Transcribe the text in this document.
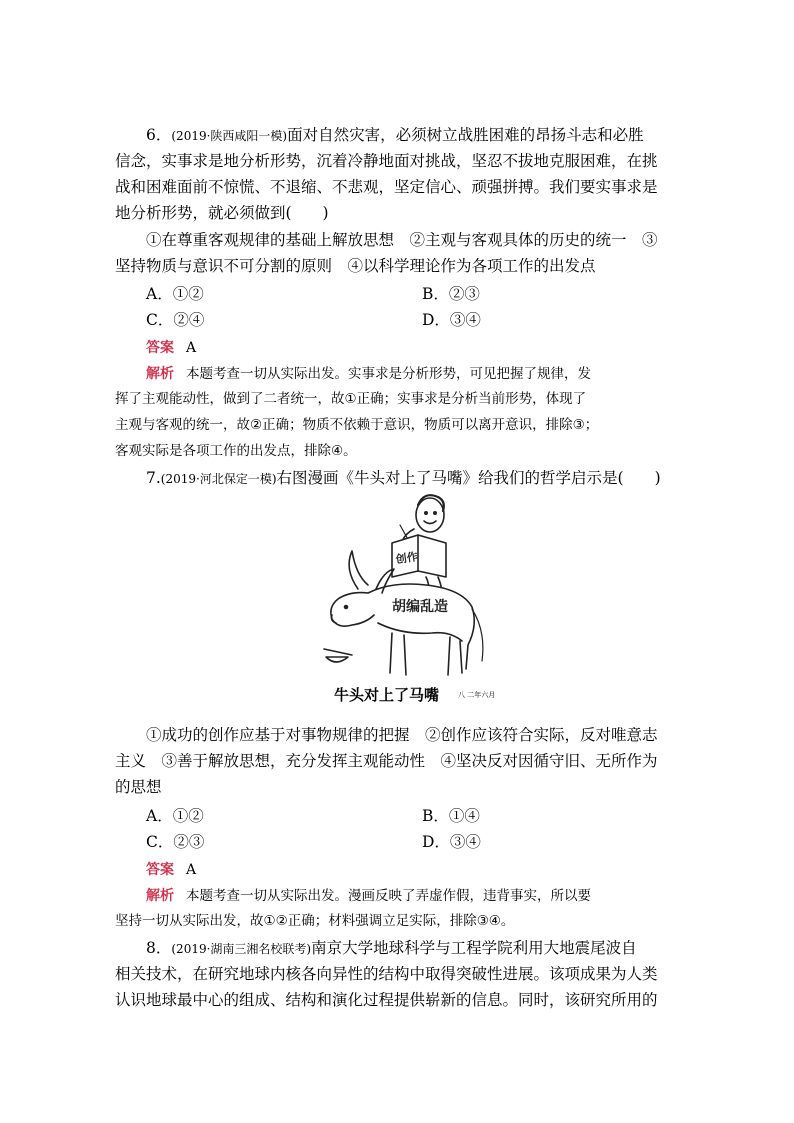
6．(2019·陕西咸阳一模)面对自然灾害，必须树立战胜困难的昂扬斗志和必胜
信念，实事求是地分析形势，沉着冷静地面对挑战，坚忍不拔地克服困难，在挑
战和困难面前不惊慌、不退缩、不悲观，坚定信心、顽强拼搏。我们要实事求是
地分析形势，就必须做到(　　)
①在尊重客观规律的基础上解放思想　②主观与客观具体的历史的统一　③
坚持物质与意识不可分割的原则　④以科学理论作为各项工作的出发点
A．①②	B．②③
C．②④	D．③④
答案 A
解析 本题考查一切从实际出发。实事求是分析形势，可见把握了规律，发
挥了主观能动性，做到了二者统一，故①正确；实事求是分析当前形势，体现了
主观与客观的统一，故②正确；物质不依赖于意识，物质可以离开意识，排除③；
客观实际是各项工作的出发点，排除④。
7.(2019·河北保定一模)右图漫画《牛头对上了马嘴》给我们的哲学启示是(　　)
创作
胡编乱造
牛头对上了马嘴	八 二年六月
①成功的创作应基于对事物规律的把握　②创作应该符合实际，反对唯意志
主义　③善于解放思想，充分发挥主观能动性　④坚决反对因循守旧、无所作为
的思想
A．①②	B．①④
C．②③	D．③④
答案 A
解析 本题考查一切从实际出发。漫画反映了弄虚作假，违背事实，所以要
坚持一切从实际出发，故①②正确；材料强调立足实际，排除③④。
8．(2019·湖南三湘名校联考)南京大学地球科学与工程学院利用大地震尾波自
相关技术，在研究地球内核各向异性的结构中取得突破性进展。该项成果为人类
认识地球最中心的组成、结构和演化过程提供崭新的信息。同时，该研究所用的
